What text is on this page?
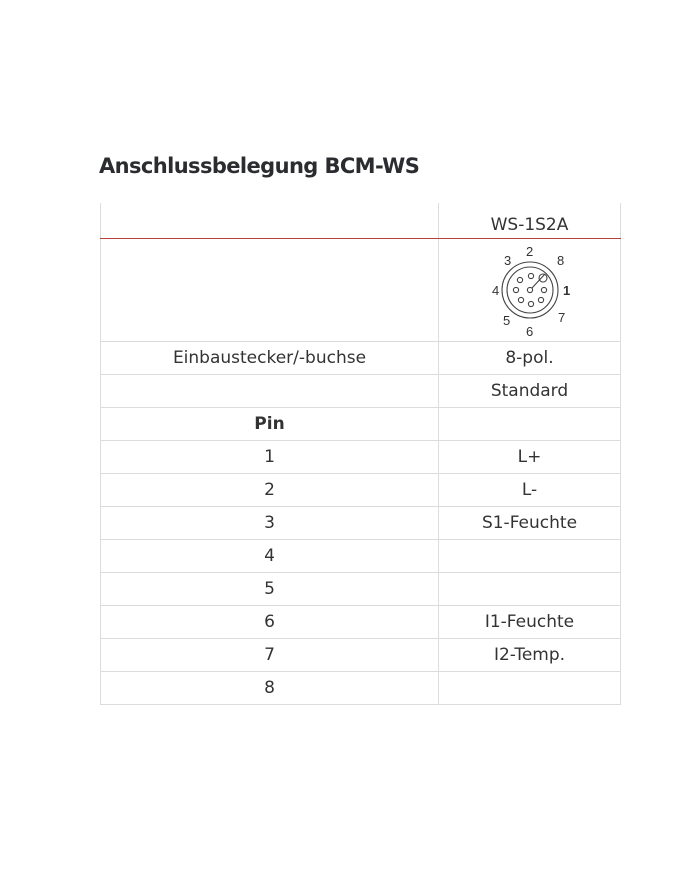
Anschlussbelegung BCM-WS
	WS-1S2A

2
3	8
4	1
5	7
6

Einbaustecker/-buchse	8-pol.
	Standard
Pin	
1	L+
2	L-
3	S1-Feuchte
4	
5	
6	I1-Feuchte
7	I2-Temp.
8	
